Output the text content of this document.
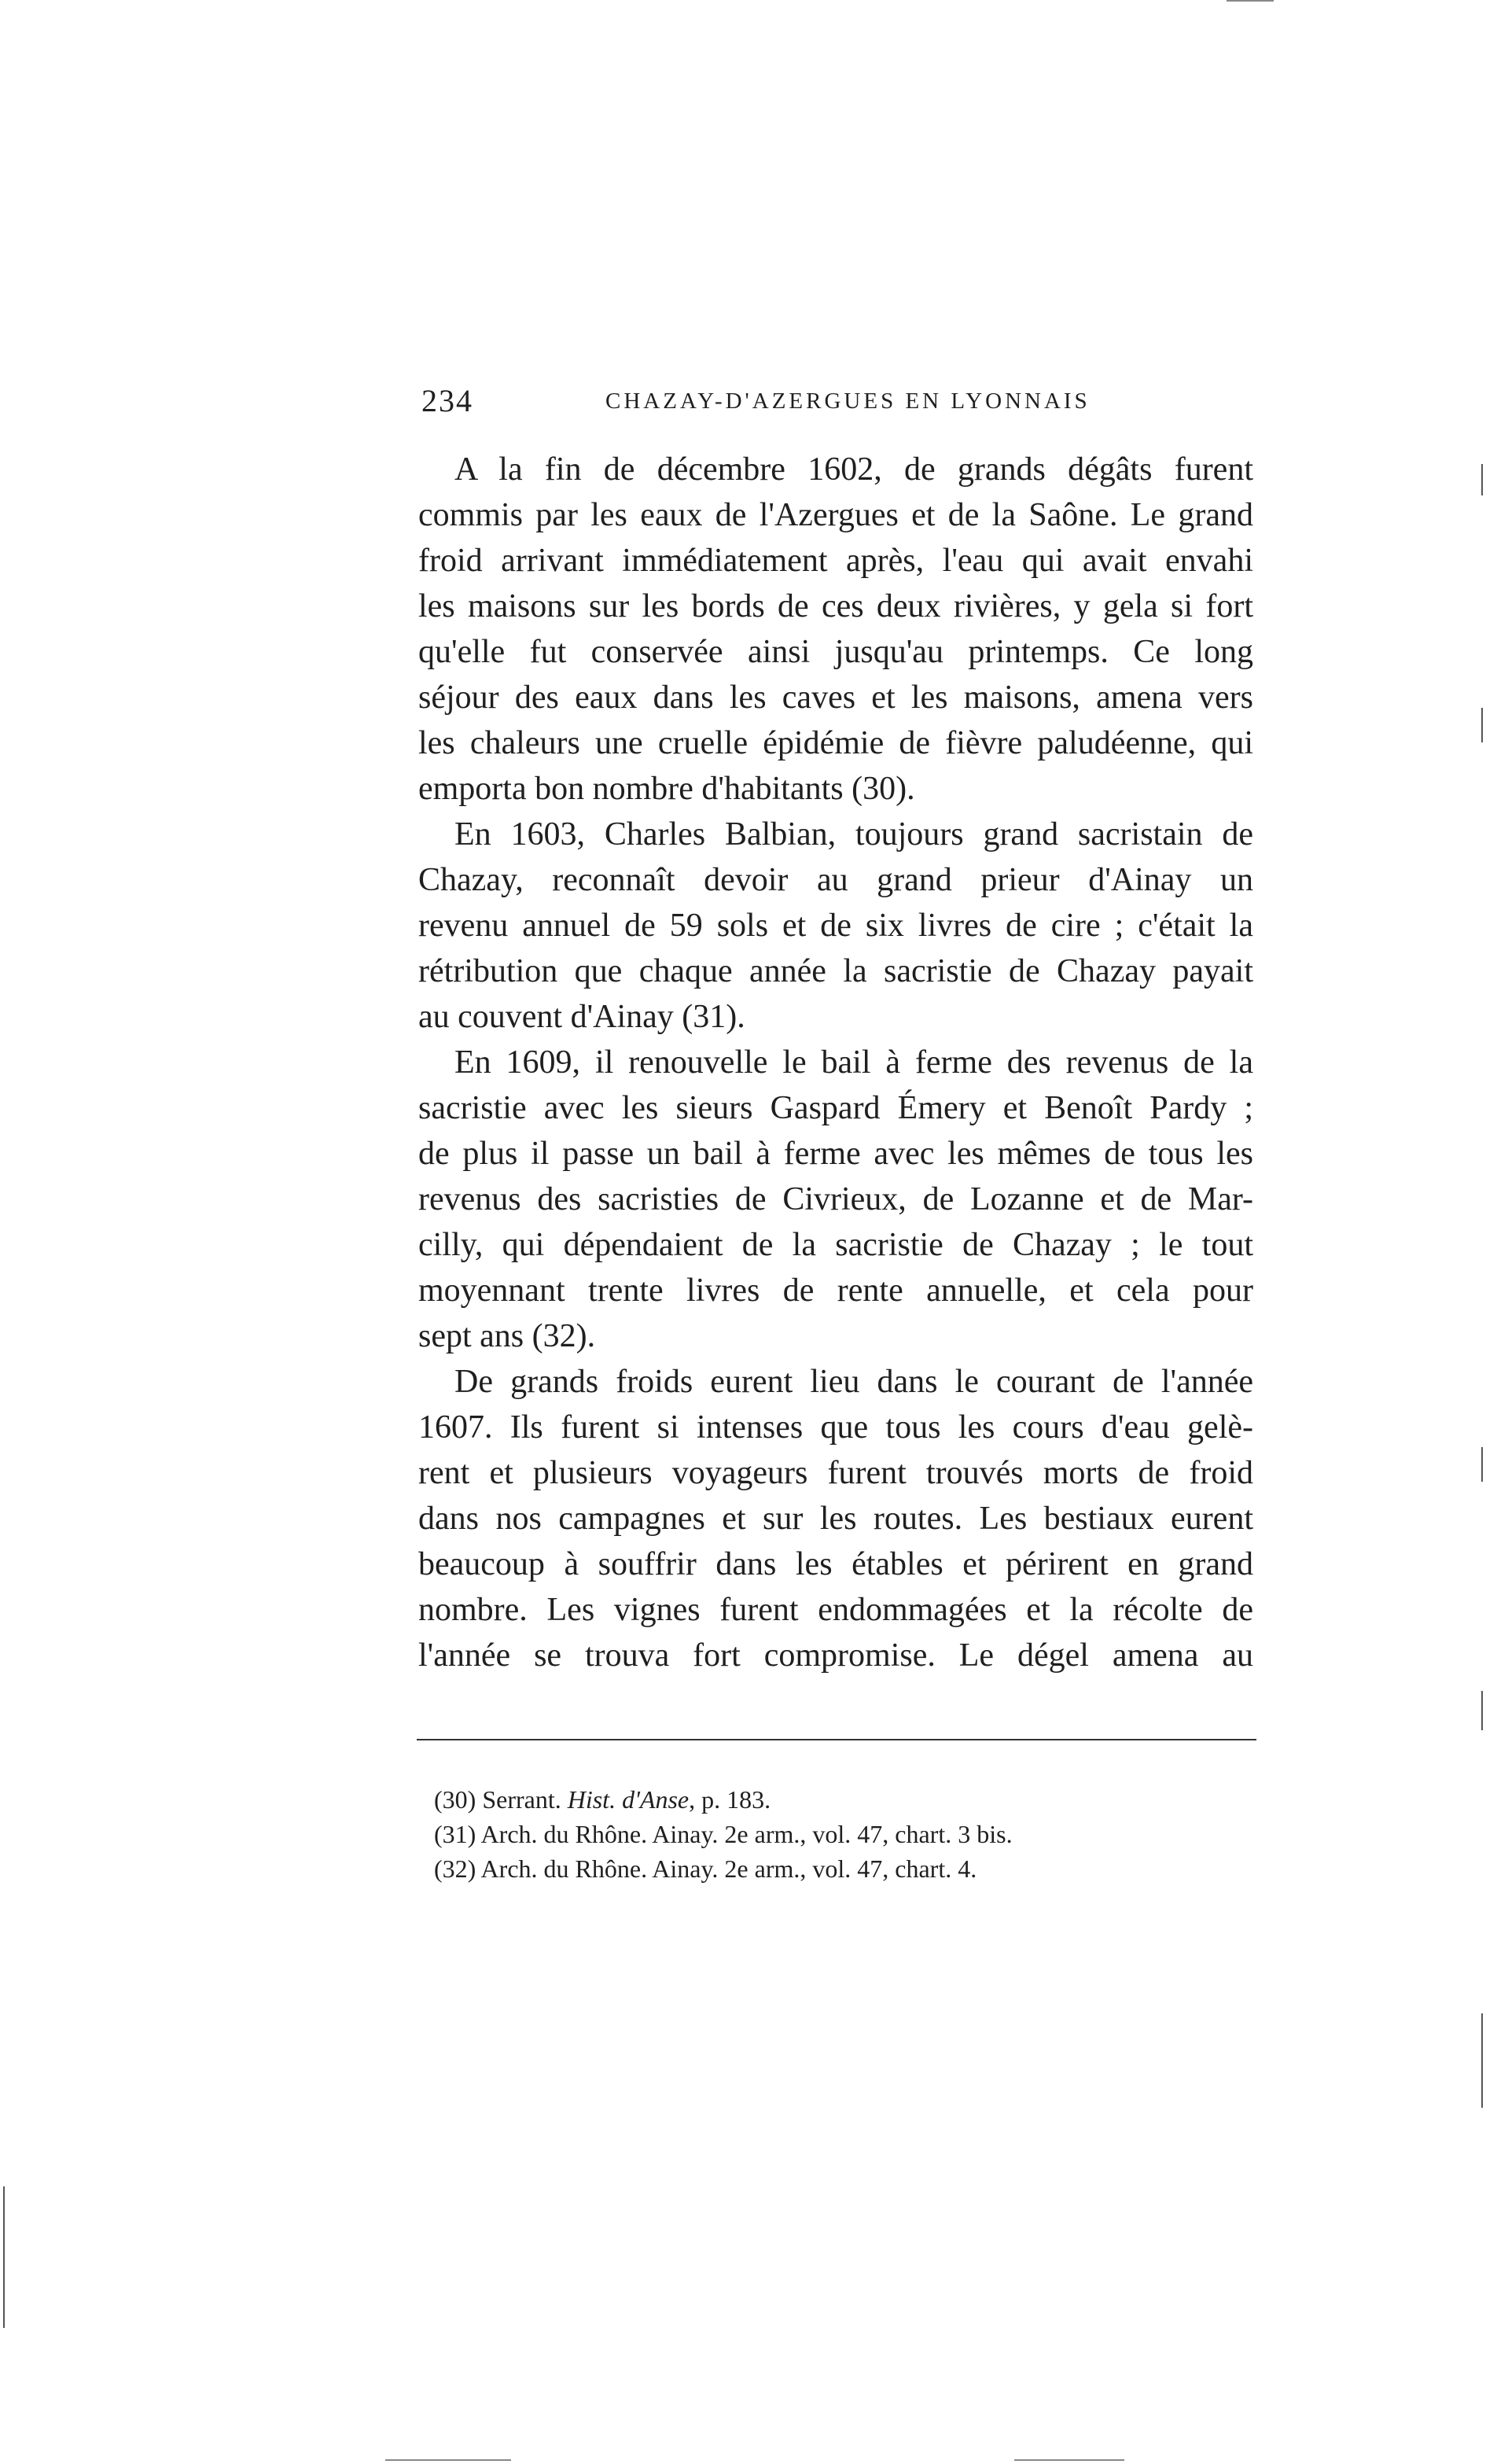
234	CHAZAY-D'AZERGUES EN LYONNAIS
A la fin de décembre 1602, de grands dégâts furent
commis par les eaux de l'Azergues et de la Saône. Le grand
froid arrivant immédiatement après, l'eau qui avait envahi
les maisons sur les bords de ces deux rivières, y gela si fort
qu'elle fut conservée ainsi jusqu'au printemps. Ce long
séjour des eaux dans les caves et les maisons, amena vers
les chaleurs une cruelle épidémie de fièvre paludéenne, qui
emporta bon nombre d'habitants (30).
En 1603, Charles Balbian, toujours grand sacristain de
Chazay, reconnaît devoir au grand prieur d'Ainay un
revenu annuel de 59 sols et de six livres de cire ; c'était la
rétribution que chaque année la sacristie de Chazay payait
au couvent d'Ainay (31).
En 1609, il renouvelle le bail à ferme des revenus de la
sacristie avec les sieurs Gaspard Émery et Benoît Pardy ;
de plus il passe un bail à ferme avec les mêmes de tous les
revenus des sacristies de Civrieux, de Lozanne et de Mar-
cilly, qui dépendaient de la sacristie de Chazay ; le tout
moyennant trente livres de rente annuelle, et cela pour
sept ans (32).
De grands froids eurent lieu dans le courant de l'année
1607. Ils furent si intenses que tous les cours d'eau gelè-
rent et plusieurs voyageurs furent trouvés morts de froid
dans nos campagnes et sur les routes. Les bestiaux eurent
beaucoup à souffrir dans les étables et périrent en grand
nombre. Les vignes furent endommagées et la récolte de
l'année se trouva fort compromise. Le dégel amena au
(30) Serrant. Hist. d'Anse, p. 183.
(31) Arch. du Rhône. Ainay. 2e arm., vol. 47, chart. 3 bis.
(32) Arch. du Rhône. Ainay. 2e arm., vol. 47, chart. 4.
